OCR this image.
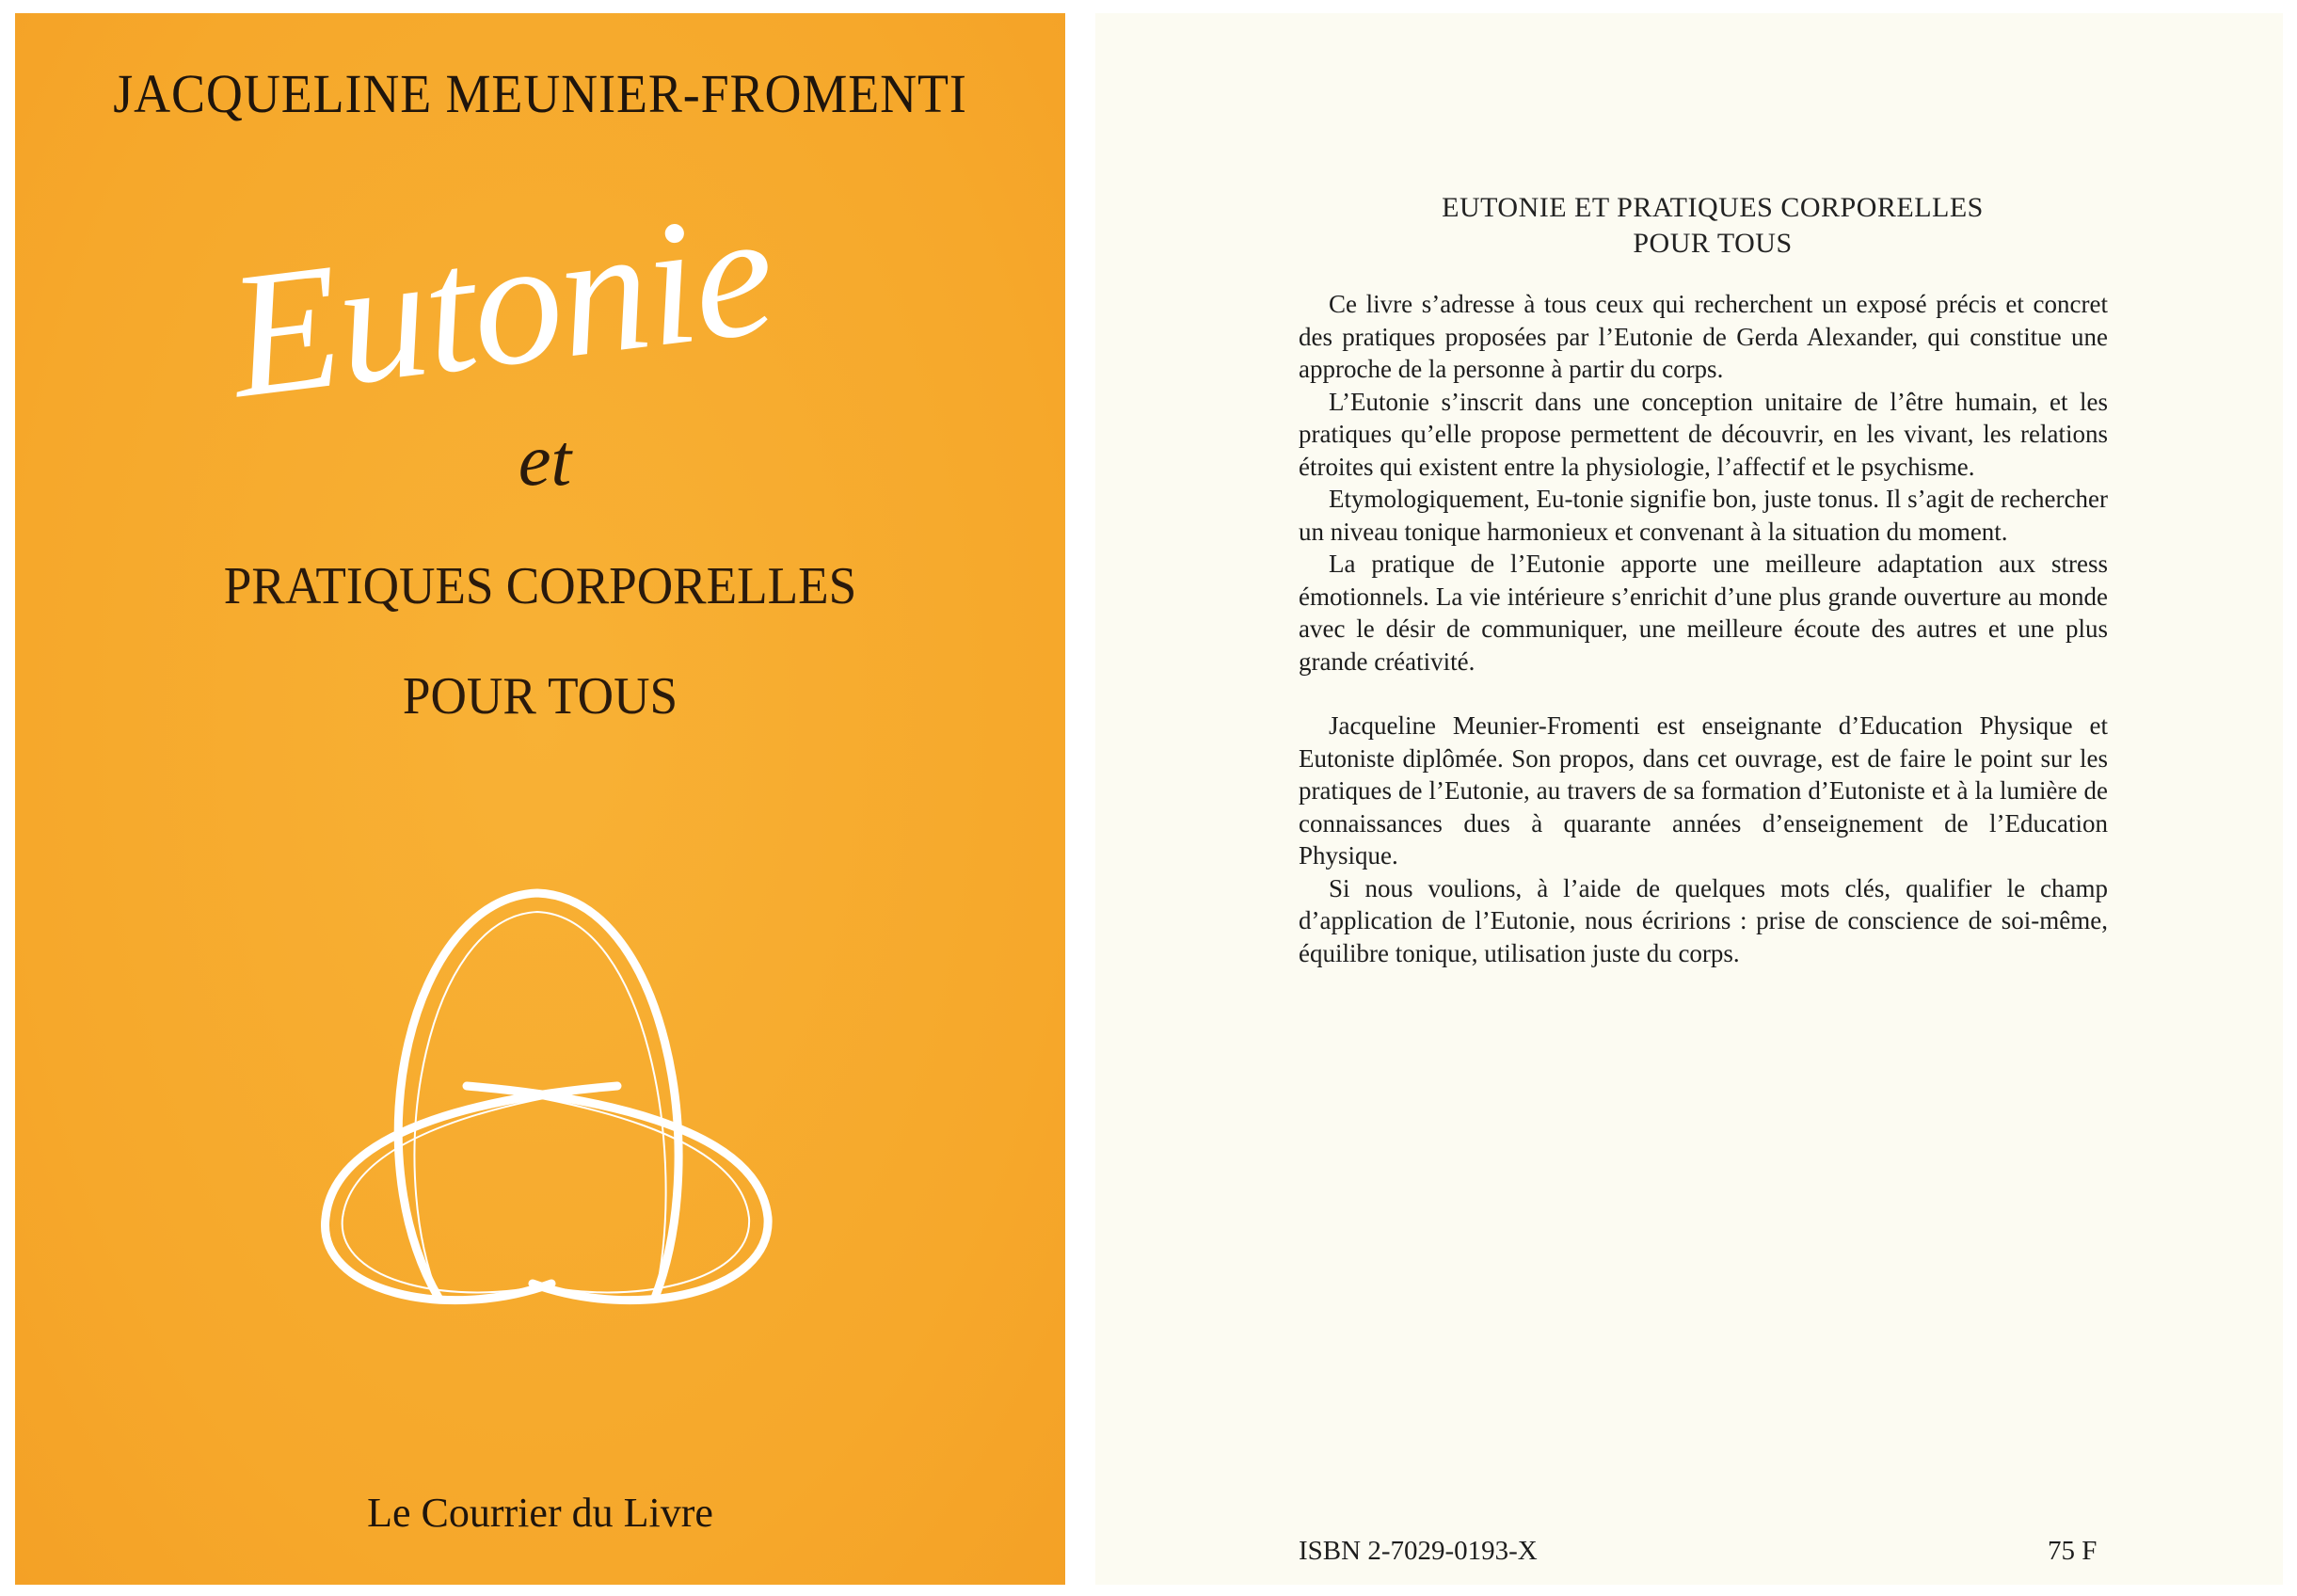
JACQUELINE MEUNIER-FROMENTI
Eutonie
et
PRATIQUES CORPORELLES
POUR TOUS
Le Courrier du Livre
EUTONIE ET PRATIQUES CORPORELLES
POUR TOUS

Ce livre s’adresse à tous ceux qui recherchent un exposé précis et concret des pratiques proposées par l’Eutonie de Gerda Alexander, qui constitue une approche de la personne à partir du corps.

L’Eutonie s’inscrit dans une conception unitaire de l’être humain, et les pratiques qu’elle propose permettent de découvrir, en les vivant, les relations étroites qui existent entre la physiologie, l’affectif et le psychisme.

Etymologiquement, Eu-tonie signifie bon, juste tonus. Il s’agit de rechercher un niveau tonique harmonieux et convenant à la situation du moment.

La pratique de l’Eutonie apporte une meilleure adaptation aux stress émotionnels. La vie intérieure s’enrichit d’une plus grande ouverture au monde avec le désir de communiquer, une meilleure écoute des autres et une plus grande créativité.

Jacqueline Meunier-Fromenti est enseignante d’Education Physique et Eutoniste diplômée. Son propos, dans cet ouvrage, est de faire le point sur les pratiques de l’Eutonie, au travers de sa formation d’Eutoniste et à la lumière de connaissances dues à quarante années d’enseignement de l’Education Physique.

Si nous voulions, à l’aide de quelques mots clés, qualifier le champ d’application de l’Eutonie, nous écririons : prise de conscience de soi-même, équilibre tonique, utilisation juste du corps.

ISBN 2-7029-0193-X	75 F
